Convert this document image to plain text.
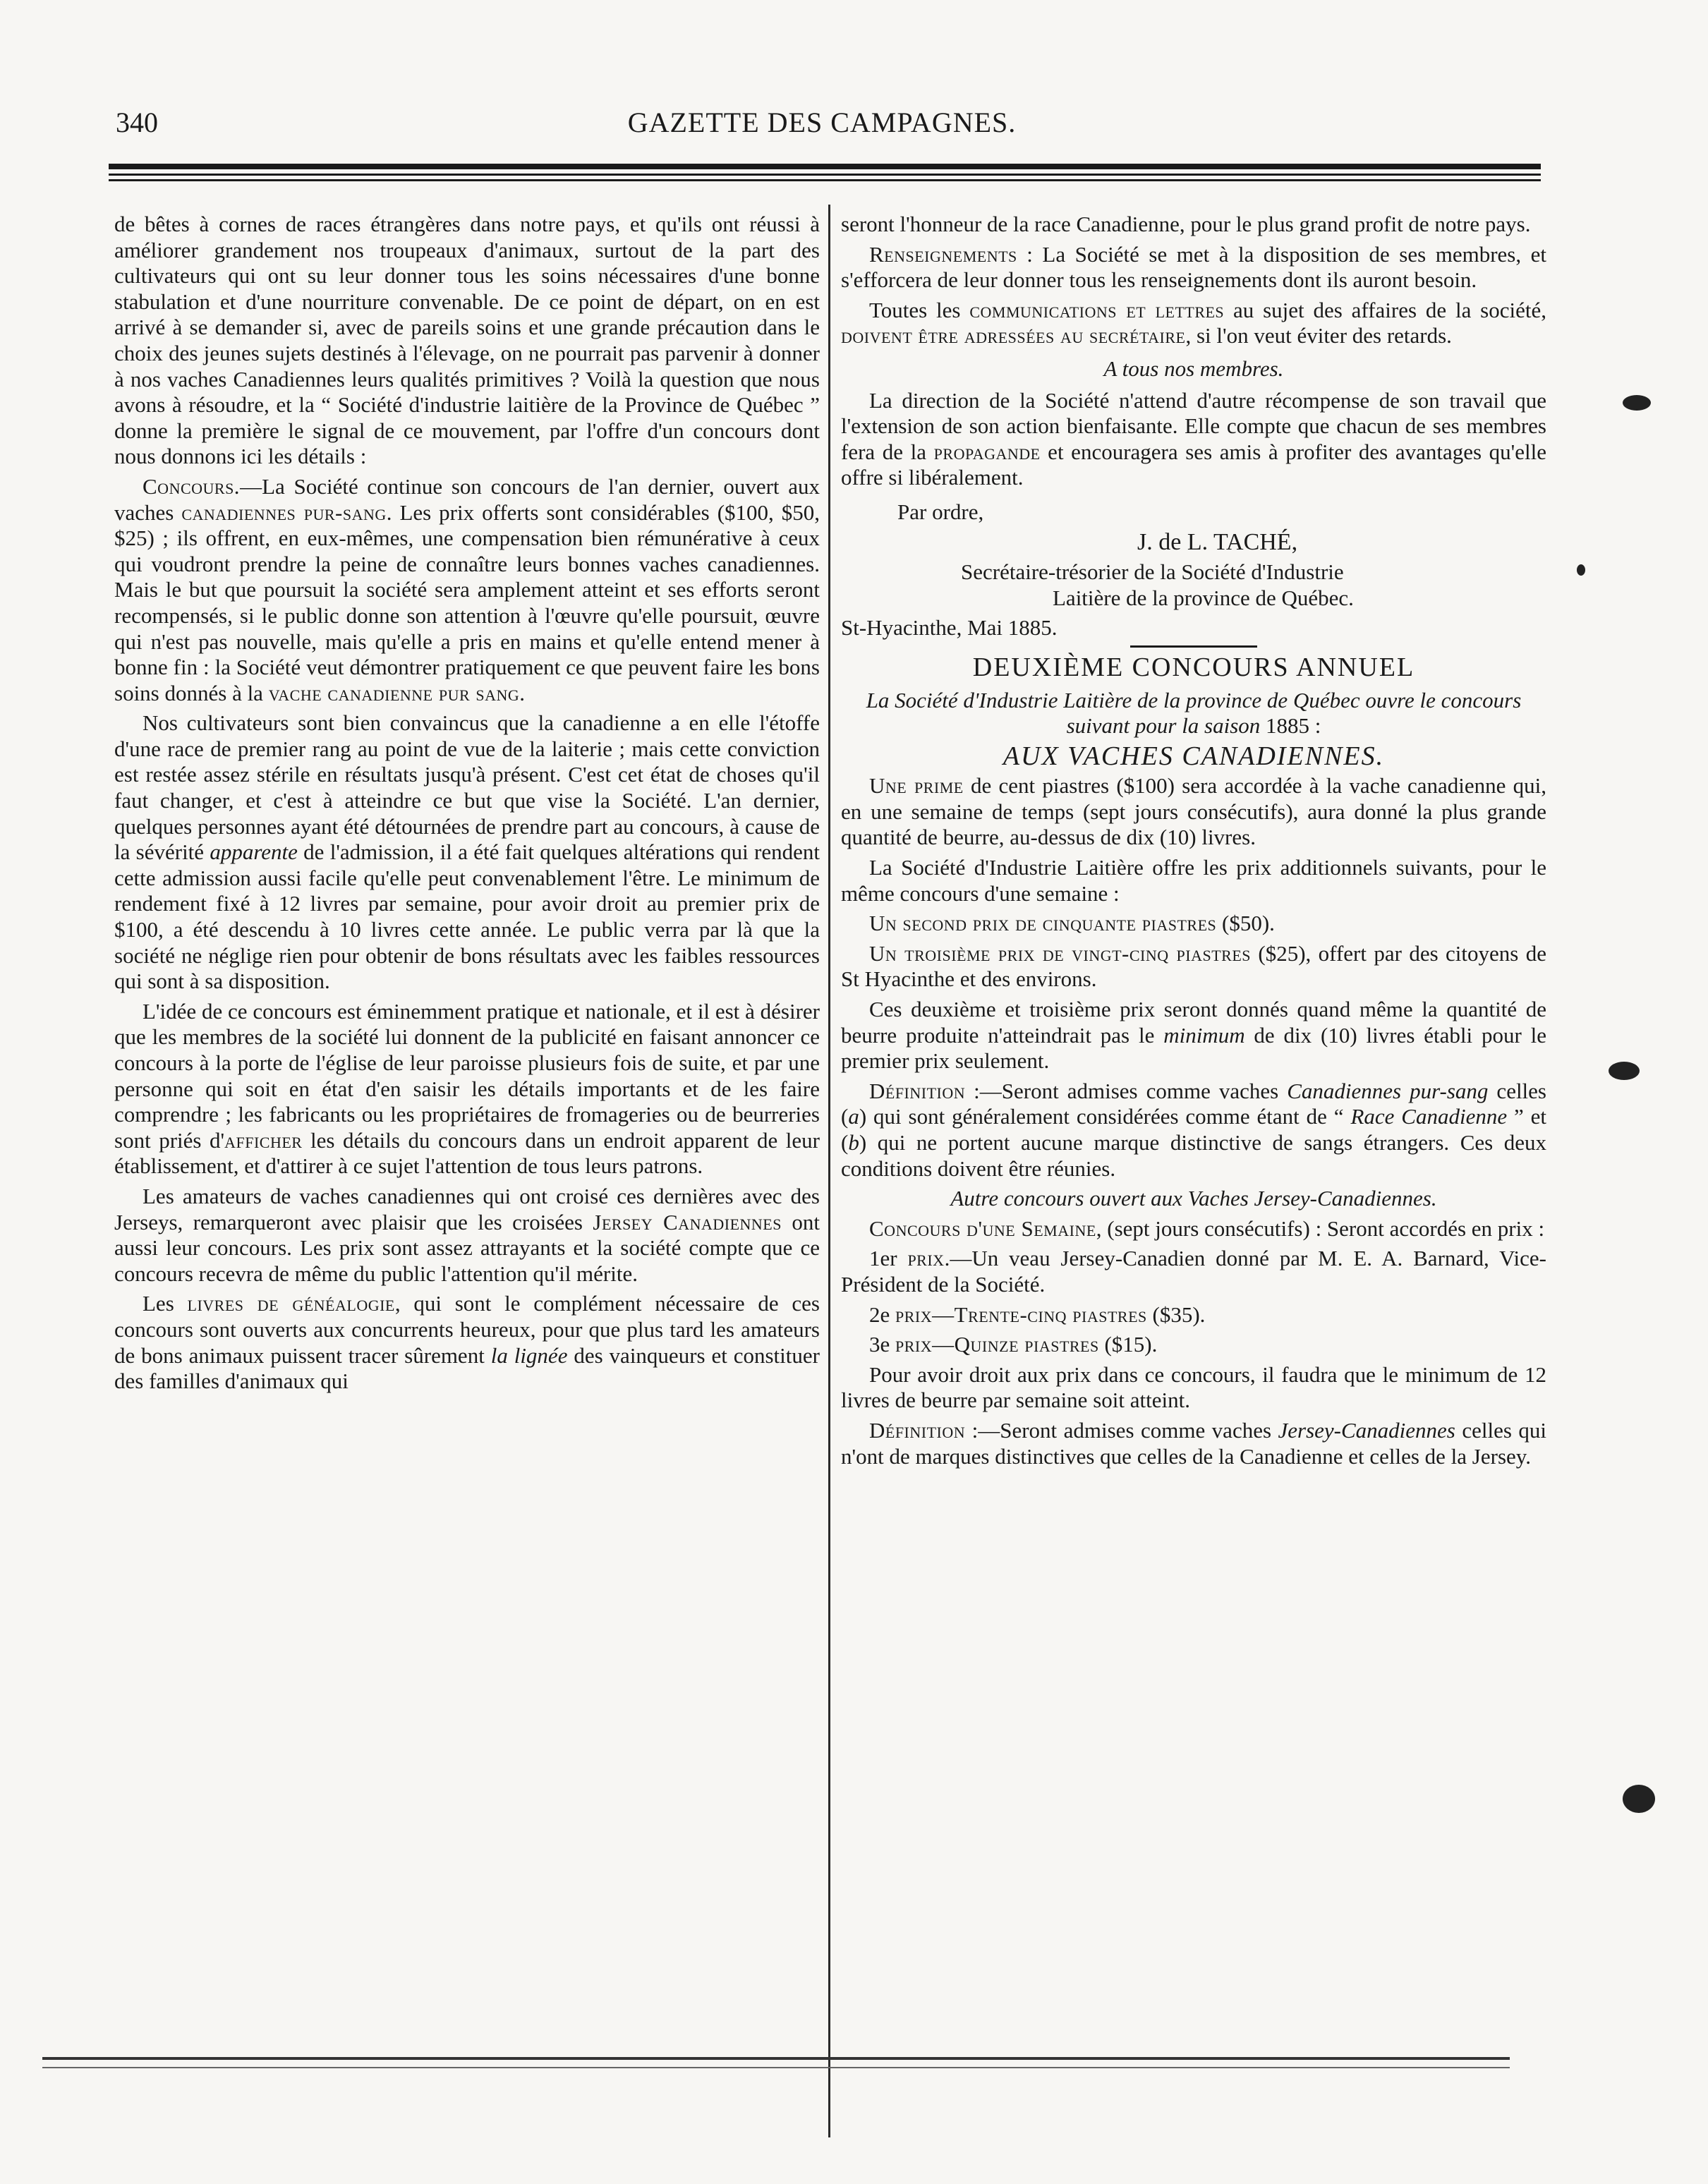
340	GAZETTE DES CAMPAGNES.

de bêtes à cornes de races étrangères dans notre pays, et qu'ils ont réussi à améliorer grandement nos troupeaux d'animaux, surtout de la part des cultivateurs qui ont su leur donner tous les soins nécessaires d'une bonne stabulation et d'une nourriture convenable. De ce point de départ, on en est arrivé à se demander si, avec de pareils soins et une grande précaution dans le choix des jeunes sujets destinés à l'élevage, on ne pourrait pas parvenir à donner à nos vaches Canadiennes leurs qualités primitives ? Voilà la question que nous avons à résoudre, et la “ Société d'industrie laitière de la Province de Québec ” donne la première le signal de ce mouvement, par l'offre d'un concours dont nous donnons ici les détails :

Concours.—La Société continue son concours de l'an dernier, ouvert aux vaches canadiennes pur-sang. Les prix offerts sont considérables ($100, $50, $25) ; ils offrent, en eux-mêmes, une compensation bien rémunérative à ceux qui voudront prendre la peine de connaître leurs bonnes vaches canadiennes. Mais le but que poursuit la société sera amplement atteint et ses efforts seront recompensés, si le public donne son attention à l'œuvre qu'elle poursuit, œuvre qui n'est pas nouvelle, mais qu'elle a pris en mains et qu'elle entend mener à bonne fin : la Société veut démontrer pratiquement ce que peuvent faire les bons soins donnés à la vache canadienne pur sang.

Nos cultivateurs sont bien convaincus que la canadienne a en elle l'étoffe d'une race de premier rang au point de vue de la laiterie ; mais cette conviction est restée assez stérile en résultats jusqu'à présent. C'est cet état de choses qu'il faut changer, et c'est à atteindre ce but que vise la Société. L'an dernier, quelques personnes ayant été détournées de prendre part au concours, à cause de la sévérité apparente de l'admission, il a été fait quelques altérations qui rendent cette admission aussi facile qu'elle peut convenablement l'être. Le minimum de rendement fixé à 12 livres par semaine, pour avoir droit au premier prix de $100, a été descendu à 10 livres cette année. Le public verra par là que la société ne néglige rien pour obtenir de bons résultats avec les faibles ressources qui sont à sa disposition.

L'idée de ce concours est éminemment pratique et nationale, et il est à désirer que les membres de la société lui donnent de la publicité en faisant annoncer ce concours à la porte de l'église de leur paroisse plusieurs fois de suite, et par une personne qui soit en état d'en saisir les détails importants et de les faire comprendre ; les fabricants ou les propriétaires de fromageries ou de beurreries sont priés d'afficher les détails du concours dans un endroit apparent de leur établissement, et d'attirer à ce sujet l'attention de tous leurs patrons.

Les amateurs de vaches canadiennes qui ont croisé ces dernières avec des Jerseys, remarqueront avec plaisir que les croisées Jersey Canadiennes ont aussi leur concours. Les prix sont assez attrayants et la société compte que ce concours recevra de même du public l'attention qu'il mérite.

Les livres de généalogie, qui sont le complément nécessaire de ces concours sont ouverts aux concurrents heureux, pour que plus tard les amateurs de bons animaux puissent tracer sûrement la lignée des vainqueurs et constituer des familles d'animaux qui

seront l'honneur de la race Canadienne, pour le plus grand profit de notre pays.

Renseignements : La Société se met à la disposition de ses membres, et s'efforcera de leur donner tous les renseignements dont ils auront besoin.

Toutes les communications et lettres au sujet des affaires de la société, doivent être adressées au secrétaire, si l'on veut éviter des retards.

A tous nos membres.

La direction de la Société n'attend d'autre récompense de son travail que l'extension de son action bienfaisante. Elle compte que chacun de ses membres fera de la propagande et encouragera ses amis à profiter des avantages qu'elle offre si libéralement.

Par ordre,

J. de L. TACHÉ,

Secrétaire-trésorier de la Société d'Industrie

Laitière de la province de Québec.

St-Hyacinthe, Mai 1885.

DEUXIÈME CONCOURS ANNUEL

La Société d'Industrie Laitière de la province de Québec ouvre le concours suivant pour la saison 1885 :

AUX VACHES CANADIENNES.

Une prime de cent piastres ($100) sera accordée à la vache canadienne qui, en une semaine de temps (sept jours consécutifs), aura donné la plus grande quantité de beurre, au-dessus de dix (10) livres.

La Société d'Industrie Laitière offre les prix additionnels suivants, pour le même concours d'une semaine :

Un second prix de cinquante piastres ($50).

Un troisième prix de vingt-cinq piastres ($25), offert par des citoyens de St Hyacinthe et des environs.

Ces deuxième et troisième prix seront donnés quand même la quantité de beurre produite n'atteindrait pas le minimum de dix (10) livres établi pour le premier prix seulement.

Définition :—Seront admises comme vaches Canadiennes pur-sang celles (a) qui sont généralement considérées comme étant de “ Race Canadienne ” et (b) qui ne portent aucune marque distinctive de sangs étrangers. Ces deux conditions doivent être réunies.

Autre concours ouvert aux Vaches Jersey-Canadiennes.

Concours d'une Semaine, (sept jours consécutifs) : Seront accordés en prix :

1er prix.—Un veau Jersey-Canadien donné par M. E. A. Barnard, Vice-Président de la Société.

2e prix—Trente-cinq piastres ($35).

3e prix—Quinze piastres ($15).

Pour avoir droit aux prix dans ce concours, il faudra que le minimum de 12 livres de beurre par semaine soit atteint.

Définition :—Seront admises comme vaches Jersey-Canadiennes celles qui n'ont de marques distinctives que celles de la Canadienne et celles de la Jersey.
